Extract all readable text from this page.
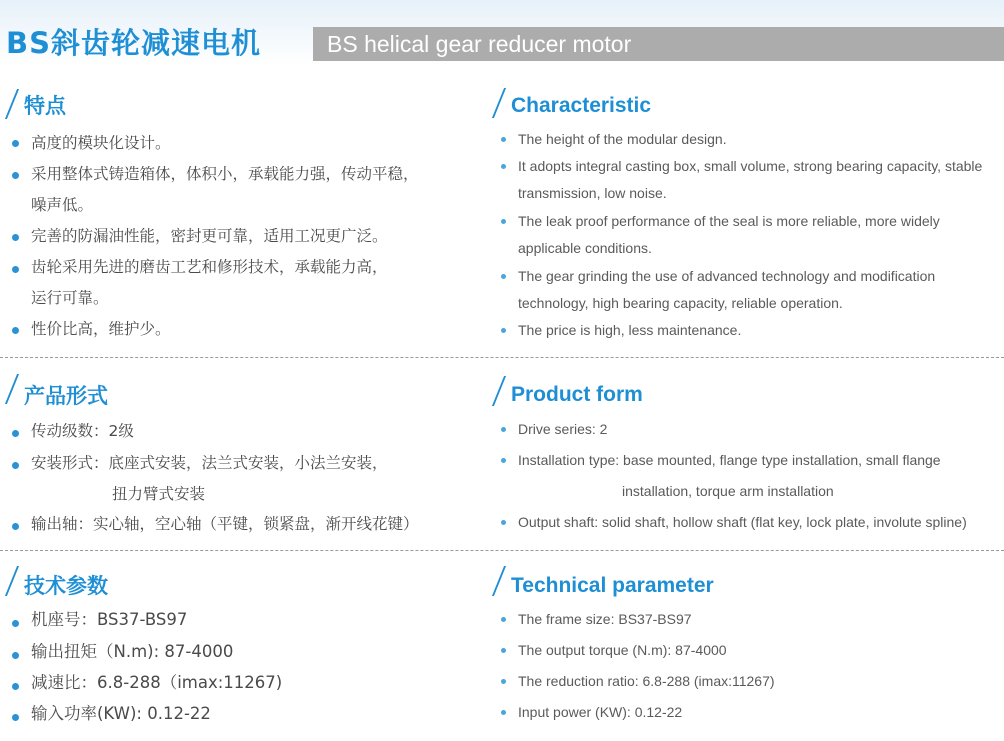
BS斜齿轮减速电机	BS helical gear reducer motor
特点
高度的模块化设计。
采用整体式铸造箱体，体积小，承载能力强，传动平稳，
噪声低。
完善的防漏油性能，密封更可靠，适用工况更广泛。
齿轮采用先进的磨齿工艺和修形技术，承载能力高，
运行可靠。
性价比高，维护少。
Characteristic
The height of the modular design.
It adopts integral casting box, small volume, strong bearing capacity, stable
transmission, low noise.
The leak proof performance of the seal is more reliable, more widely
applicable conditions.
The gear grinding the use of advanced technology and modification
technology, high bearing capacity, reliable operation.
The price is high, less maintenance.
产品形式
传动级数：2级
安装形式：底座式安装，法兰式安装，小法兰安装，
扭力臂式安装
输出轴：实心轴，空心轴（平键，锁紧盘，渐开线花键）
Product form
Drive series: 2
Installation type: base mounted, flange type installation, small flange
installation, torque arm installation
Output shaft: solid shaft, hollow shaft (flat key, lock plate, involute spline)
技术参数
机座号：BS37-BS97
输出扭矩（N.m): 87-4000
减速比：6.8-288（imax:11267)
输入功率(KW): 0.12-22
Technical parameter
The frame size: BS37-BS97
The output torque (N.m): 87-4000
The reduction ratio: 6.8-288 (imax:11267)
Input power (KW): 0.12-22
